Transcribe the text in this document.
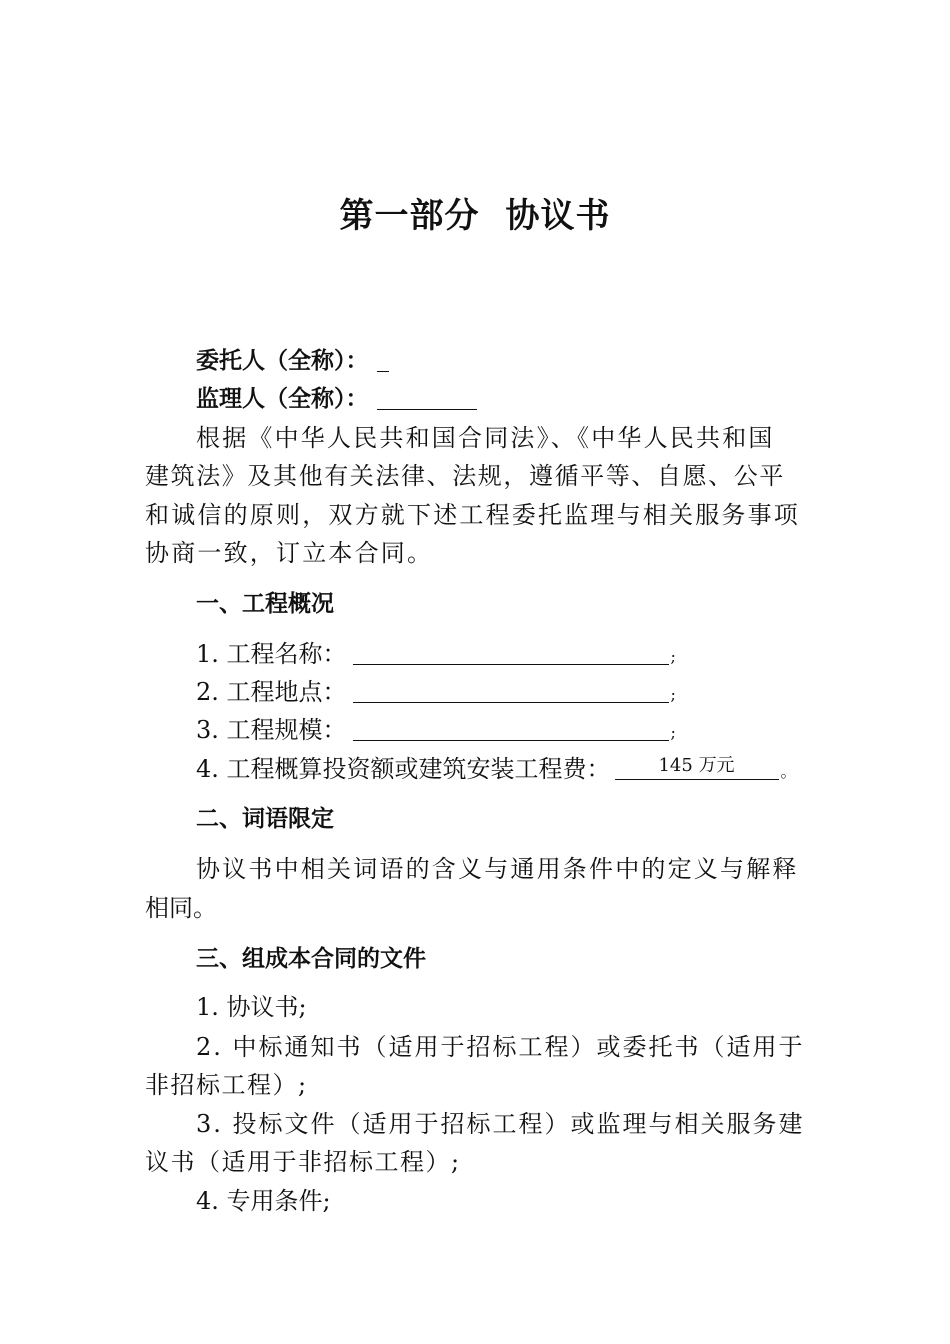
第一部分 协议书
委托人（全称）：
监理人（全称）：
根据《中华人民共和国合同法》、《中华人民共和国
建筑法》及其他有关法律、法规，遵循平等、自愿、公平
和诚信的原则，双方就下述工程委托监理与相关服务事项
协商一致，订立本合同。
一、工程概况
1. 工程名称：	;
2. 工程地点：	;
3. 工程规模：	;
4. 工程概算投资额或建筑安装工程费：	145 万元	。
二、词语限定
协议书中相关词语的含义与通用条件中的定义与解释
相同。
三、组成本合同的文件
1. 协议书;
2. 中标通知书（适用于招标工程）或委托书（适用于
非招标工程）;
3. 投标文件（适用于招标工程）或监理与相关服务建
议书（适用于非招标工程）;
4. 专用条件;
